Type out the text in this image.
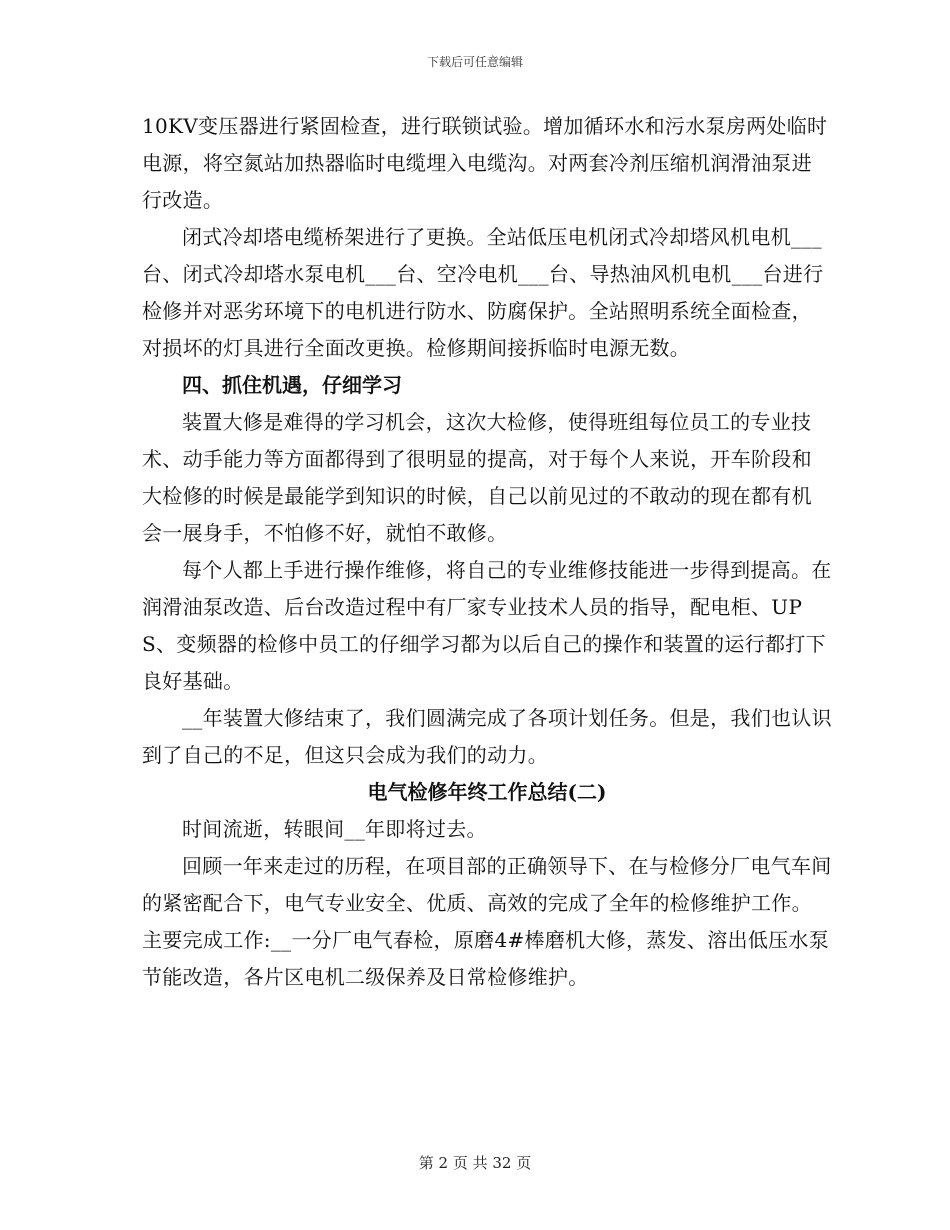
下载后可任意编辑

10KV变压器进行紧固检查，进行联锁试验。增加循环水和污水泵房两处临时电源，将空氮站加热器临时电缆埋入电缆沟。对两套冷剂压缩机润滑油泵进行改造。

闭式冷却塔电缆桥架进行了更换。全站低压电机闭式冷却塔风机电机___台、闭式冷却塔水泵电机___台、空冷电机___台、导热油风机电机___台进行检修并对恶劣环境下的电机进行防水、防腐保护。全站照明系统全面检查，对损坏的灯具进行全面改更换。检修期间接拆临时电源无数。

四、抓住机遇，仔细学习

装置大修是难得的学习机会，这次大检修，使得班组每位员工的专业技术、动手能力等方面都得到了很明显的提高，对于每个人来说，开车阶段和大检修的时候是最能学到知识的时候，自己以前见过的不敢动的现在都有机会一展身手，不怕修不好，就怕不敢修。

每个人都上手进行操作维修，将自己的专业维修技能进一步得到提高。在润滑油泵改造、后台改造过程中有厂家专业技术人员的指导，配电柜、UPS、变频器的检修中员工的仔细学习都为以后自己的操作和装置的运行都打下良好基础。

__年装置大修结束了，我们圆满完成了各项计划任务。但是，我们也认识到了自己的不足，但这只会成为我们的动力。

电气检修年终工作总结(二)

时间流逝，转眼间__年即将过去。

回顾一年来走过的历程，在项目部的正确领导下、在与检修分厂电气车间的紧密配合下，电气专业安全、优质、高效的完成了全年的检修维护工作。主要完成工作:__一分厂电气春检，原磨4#棒磨机大修，蒸发、溶出低压水泵节能改造，各片区电机二级保养及日常检修维护。

第 2 页 共 32 页
